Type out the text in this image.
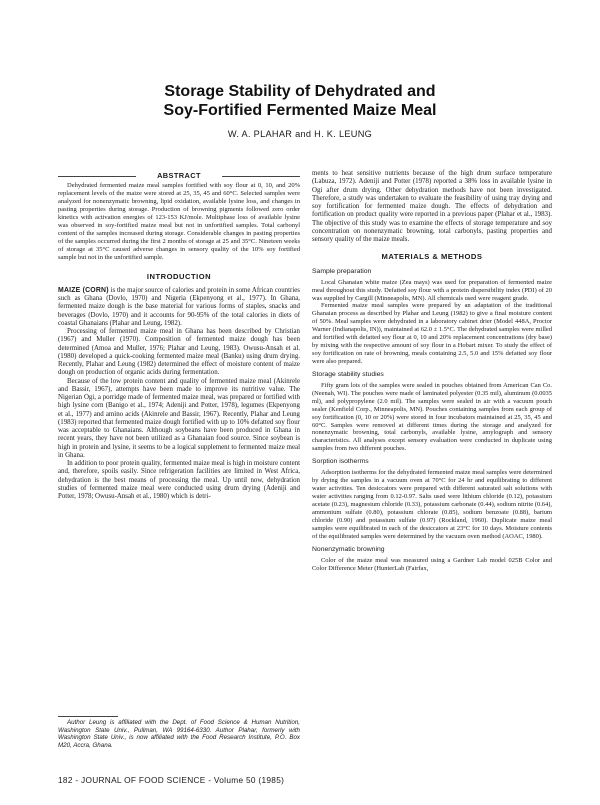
Storage Stability of Dehydrated and
Soy-Fortified Fermented Maize Meal
W. A. PLAHAR and H. K. LEUNG
ABSTRACT

Dehydrated fermented maize meal samples fortified with soy flour at 0, 10, and 20% replacement levels of the maize were stored at 25, 35, 45 and 60°C. Selected samples were analyzed for nonenzymatic browning, lipid oxidation, available lysine loss, and changes in pasting properties during storage. Production of browning pigments followed zero order kinetics with activation energies of 123-153 KJ/mole. Multiphase loss of available lysine was observed in soy-fortified maize meal but not in unfortified samples. Total carbonyl content of the samples increased during storage. Considerable changes in pasting properties of the samples occurred during the first 2 months of storage at 25 and 35°C. Nineteen weeks of storage at 35°C caused adverse changes in sensory quality of the 10% soy fortified sample but not in the unfortified sample.

INTRODUCTION

MAIZE (CORN) is the major source of calories and protein in some African countries such as Ghana (Dovlo, 1970) and Nigeria (Ekpenyong et al., 1977). In Ghana, fermented maize dough is the base material for various forms of staples, snacks and beverages (Dovlo, 1970) and it accounts for 90-95% of the total calories in diets of coastal Ghanaians (Plahar and Leung, 1982).

Processing of fermented maize meal in Ghana has been described by Christian (1967) and Muller (1970). Composition of fermented maize dough has been determined (Amoa and Muller, 1976; Plahar and Leung, 1983). Owusu-Ansah et al. (1980) developed a quick-cooking fermented maize meal (Banku) using drum drying. Recently, Plahar and Leung (1982) determined the effect of moisture content of maize dough on production of organic acids during fermentation.

Because of the low protein content and quality of fermented maize meal (Akinrele and Bassir, 1967), attempts have been made to improve its nutritive value. The Nigerian Ogi, a porridge made of fermented maize meal, was prepared or fortified with high lysine corn (Banigo et al., 1974; Adeniji and Potter, 1978), legumes (Ekpenyong et al., 1977) and amino acids (Akinrele and Bassir, 1967). Recently, Plahar and Leung (1983) reported that fermented maize dough fortified with up to 10% defatted soy flour was acceptable to Ghanaians. Although soybeans have been produced in Ghana in recent years, they have not been utilized as a Ghanaian food source. Since soybean is high in protein and lysine, it seems to be a logical supplement to fermented maize meal in Ghana.

In addition to poor protein quality, fermented maize meal is high in moisture content and, therefore, spoils easily. Since refrigeration facilities are limited in West Africa, dehydration is the best means of processing the meal. Up until now, dehydration studies of fermented maize meal were conducted using drum drying (Adeniji and Potter, 1978; Owusu-Ansah et al., 1980) which is detri-

Author Leung is affiliated with the Dept. of Food Science & Human Nutrition, Washington State Univ., Pullman, WA 99164-6330. Author Plahar, formerly with Washington State Univ., is now affiliated with the Food Research Institute, P.O. Box M20, Accra, Ghana.

ments to heat sensitive nutrients because of the high drum surface temperature (Labuza, 1972). Adeniji and Potter (1978) reported a 38% loss in available lysine in Ogi after drum drying. Other dehydration methods have not been investigated. Therefore, a study was undertaken to evaluate the feasibility of using tray drying and soy fortification for fermented maize dough. The effects of dehydration and fortification on product quality were reported in a previous paper (Plahar et al., 1983). The objective of this study was to examine the effects of storage temperature and soy concentration on nonenzymatic browning, total carbonyls, pasting properties and sensory quality of the maize meals.

MATERIALS & METHODS
Sample preparation

Local Ghanaian white maize (Zea mays) was used for preparation of fermented maize meal throughout this study. Defatted soy flour with a protein dispersibility index (PDI) of 20 was supplied by Cargill (Minneapolis, MN). All chemicals used were reagent grade.

Fermented maize meal samples were prepared by an adaptation of the traditional Ghanaian process as described by Plahar and Leung (1982) to give a final moisture content of 50%. Meal samples were dehydrated in a laboratory cabinet drier (Model 448A, Proctor Warner (Indianapolis, IN)), maintained at 62.0 ± 1.5°C. The dehydrated samples were milled and fortified with defatted soy flour at 0, 10 and 20% replacement concentrations (dry base) by mixing with the respective amount of soy flour in a Hobart mixer. To study the effect of soy fortification on rate of browning, meals containing 2.5, 5.0 and 15% defatted soy flour were also prepared.

Storage stability studies

Fifty gram lots of the samples were sealed in pouches obtained from American Can Co. (Neenah, WI). The pouches were made of laminated polyester (0.35 mil), aluminum (0.0035 ml), and polypropylene (2.0 mil). The samples were sealed in air with a vacuum pouch sealer (Kenfield Corp., Minneapolis, MN). Pouches containing samples from each group of soy fortification (0, 10 or 20%) were stored in four incubators maintained at 25, 35, 45 and 60°C. Samples were removed at different times during the storage and analyzed for nonenzymatic browning, total carbonyls, available lysine, amylograph and sensory characteristics. All analyses except sensory evaluation were conducted in duplicate using samples from two different pouches.

Sorption isotherms

Adsorption isotherms for the dehydrated fermented maize meal samples were determined by drying the samples in a vacuum oven at 70°C for 24 hr and equilibrating to different water activities. Ten desiccators were prepared with different saturated salt solutions with water activities ranging from 0.12-0.97. Salts used were lithium chloride (0.12), potassium acetate (0.23), magnesium chloride (0.33), potassium carbonate (0.44), sodium nitrite (0.64), ammonium sulfate (0.80), potassium chlorate (0.85), sodium benzoate (0.88), barium chloride (0.90) and potassium sulfate (0.97) (Rockland, 1960). Duplicate maize meal samples were equilibrated in each of the desiccators at 23°C for 10 days. Moisture contents of the equilibrated samples were determined by the vacuum oven method (AOAC, 1980).

Nonenzymatic browning

Color of the maize meal was measured using a Gardner Lab model 025B Color and Color Difference Meter (HunterLab (Fairfax,

182 - JOURNAL OF FOOD SCIENCE - Volume 50 (1985)
